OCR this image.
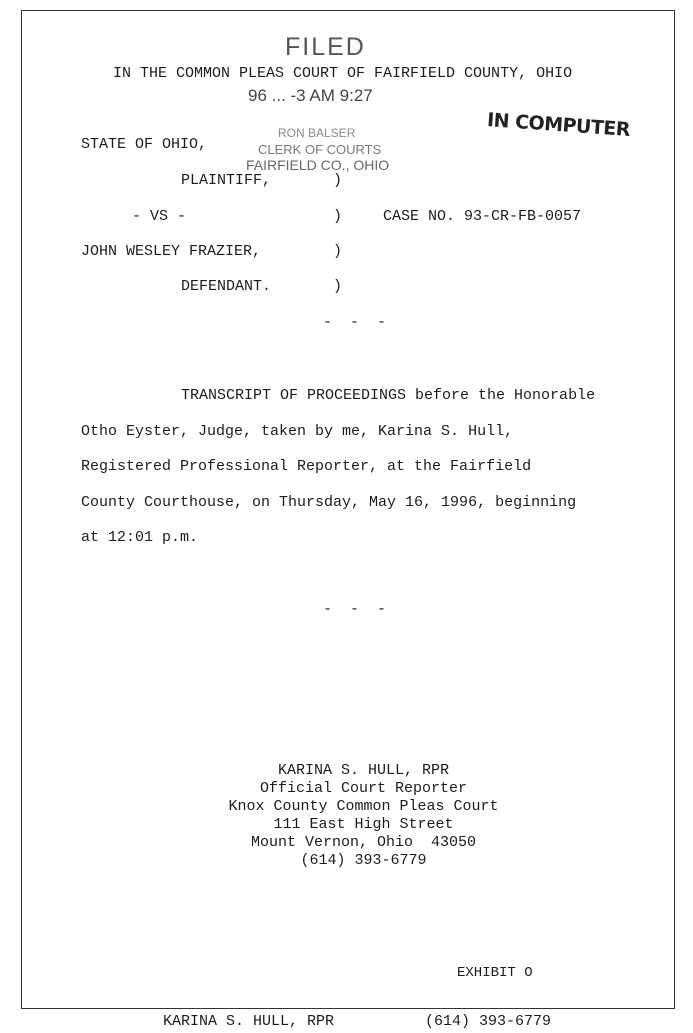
FILED
96 ... -3 AM 9:27
RON BALSER
CLERK OF COURTS
FAIRFIELD CO., OHIO
IN COMPUTER
IN THE COMMON PLEAS COURT OF FAIRFIELD COUNTY, OHIO
STATE OF OHIO,
PLAINTIFF,	)
- VS -	)	CASE NO. 93-CR-FB-0057
JOHN WESLEY FRAZIER,	)
DEFENDANT.	)
-  -  -
TRANSCRIPT OF PROCEEDINGS before the Honorable
Otho Eyster, Judge, taken by me, Karina S. Hull,
Registered Professional Reporter, at the Fairfield
County Courthouse, on Thursday, May 16, 1996, beginning
at 12:01 p.m.
-  -  -
KARINA S. HULL, RPR
Official Court Reporter
Knox County Common Pleas Court
111 East High Street
Mount Vernon, Ohio  43050
(614) 393-6779
EXHIBIT O
KARINA S. HULL, RPR	(614) 393-6779
